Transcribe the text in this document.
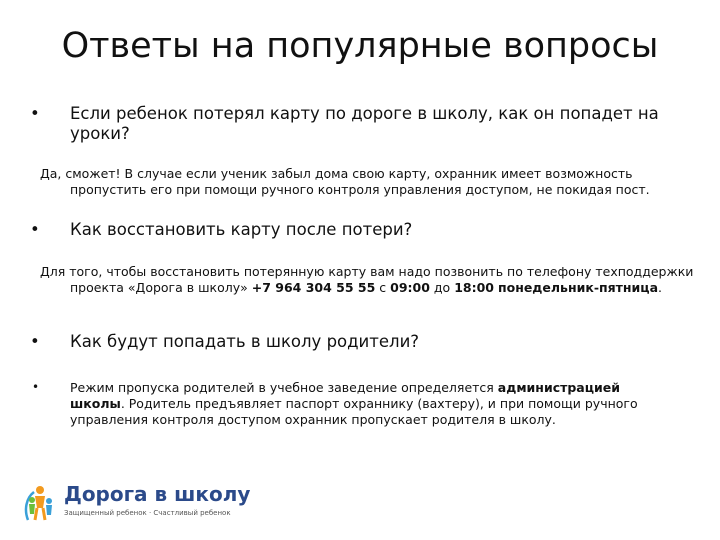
Ответы на популярные вопросы
• Если ребенок потерял карту по дороге в школу, как он попадет на уроки?
Да, сможет! В случае если ученик забыл дома свою карту, охранник имеет возможность пропустить его при помощи ручного контроля управления доступом, не покидая пост.
• Как восстановить карту после потери?
Для того, чтобы восстановить потерянную карту вам надо позвонить по телефону техподдержки проекта «Дорога в школу» +7 964 304 55 55 с 09:00 до 18:00 понедельник-пятница.
• Как будут попадать в школу родители?
• Режим пропуска родителей в учебное заведение определяется администрацией школы. Родитель предъявляет паспорт охраннику (вахтеру), и при помощи ручного управления контроля доступом охранник пропускает родителя в школу.
Дорога в школу
Защищенный ребенок · Счастливый ребенок
